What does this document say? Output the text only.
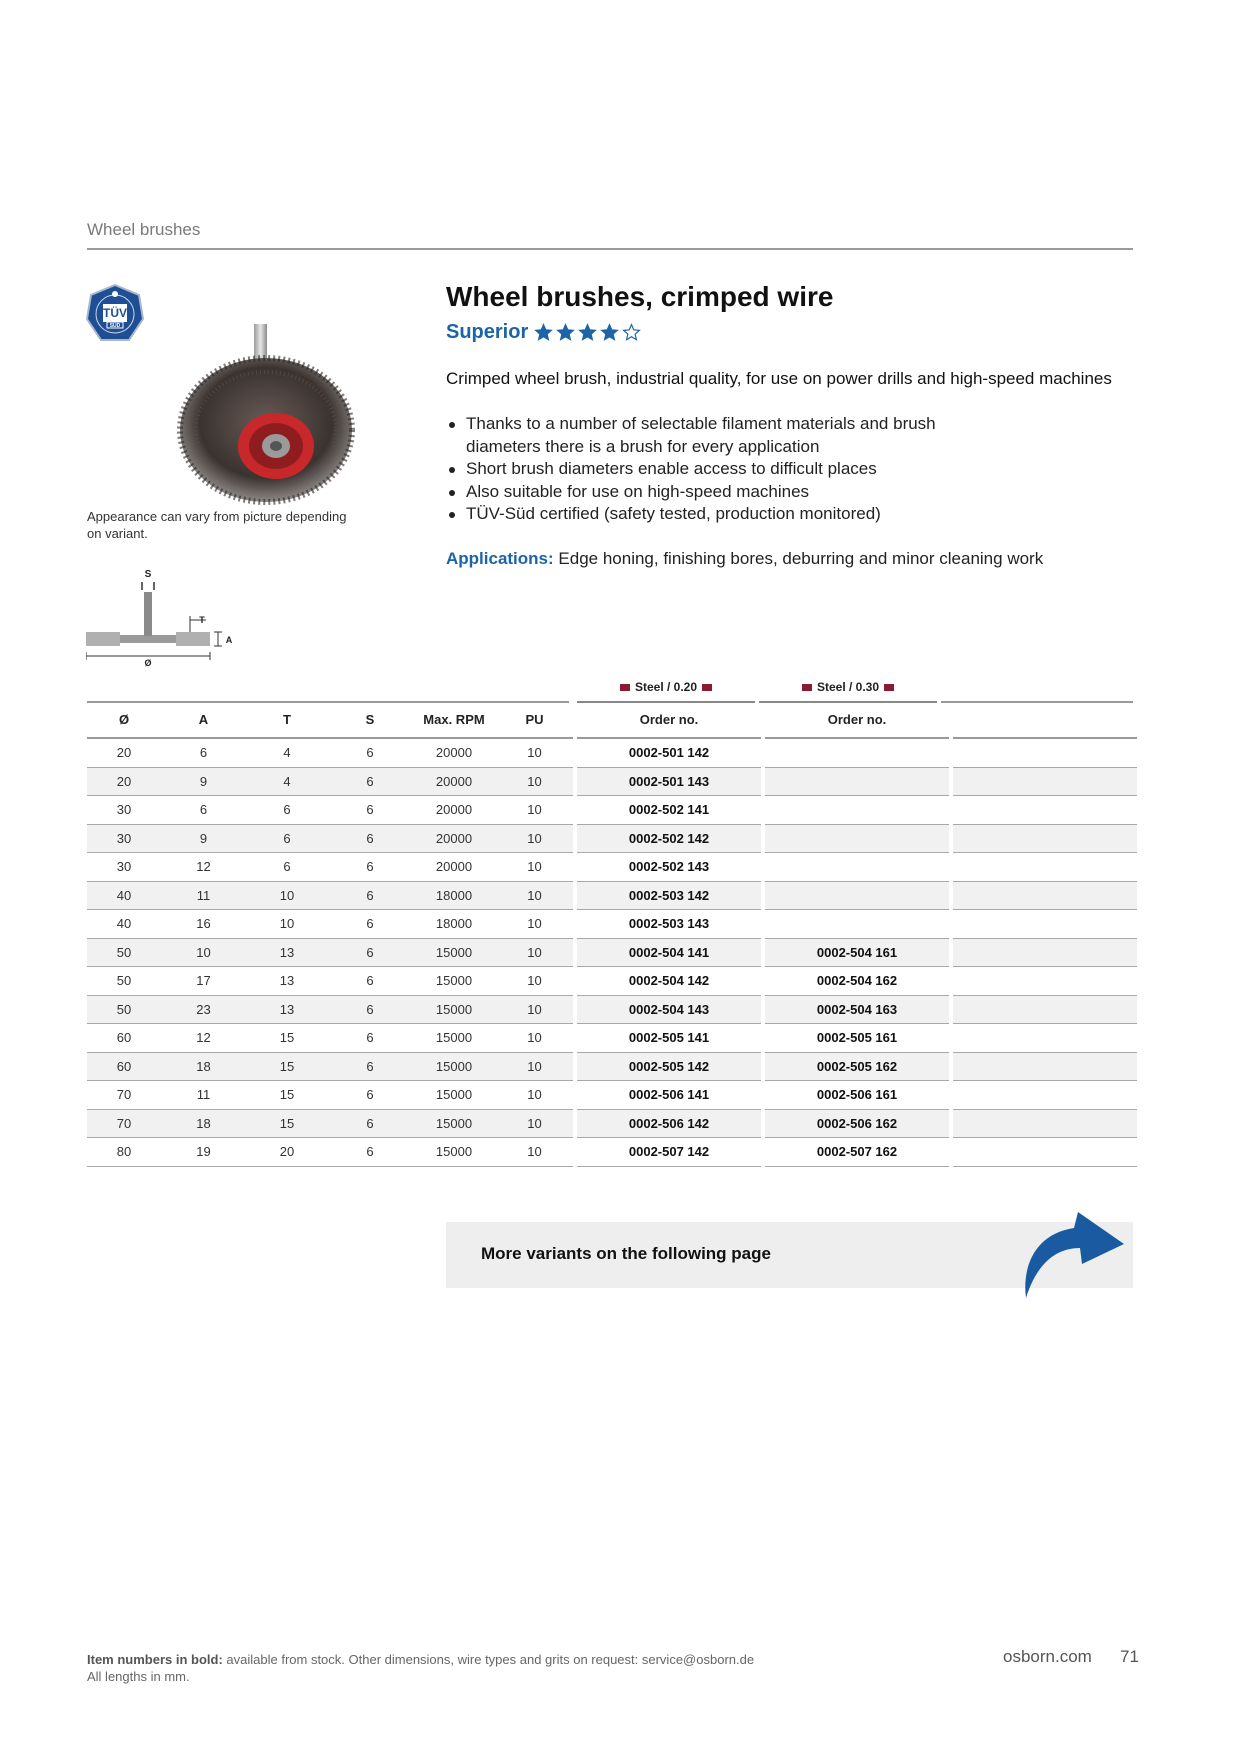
Wheel brushes
TÜV
SÜD
Appearance can vary from picture depending on variant.
S
T
A
Ø
Wheel brushes, crimped wire
Superior
Crimped wheel brush, industrial quality, for use on power drills and high-speed machines
Thanks to a number of selectable filament materials and brush diameters there is a brush for every application
Short brush diameters enable access to difficult places
Also suitable for use on high-speed machines
TÜV-Süd certified (safety tested, production monitored)
Applications: Edge honing, finishing bores, deburring and minor cleaning work
Steel / 0.20	Steel / 0.30
Ø	A	T	S	Max. RPM	PU		Order no.		Order no.		
20	6	4	6	20000	10		0002-501 142				
20	9	4	6	20000	10		0002-501 143				
30	6	6	6	20000	10		0002-502 141				
30	9	6	6	20000	10		0002-502 142				
30	12	6	6	20000	10		0002-502 143				
40	11	10	6	18000	10		0002-503 142				
40	16	10	6	18000	10		0002-503 143				
50	10	13	6	15000	10		0002-504 141		0002-504 161		
50	17	13	6	15000	10		0002-504 142		0002-504 162		
50	23	13	6	15000	10		0002-504 143		0002-504 163		
60	12	15	6	15000	10		0002-505 141		0002-505 161		
60	18	15	6	15000	10		0002-505 142		0002-505 162		
70	11	15	6	15000	10		0002-506 141		0002-506 161		
70	18	15	6	15000	10		0002-506 142		0002-506 162		
80	19	20	6	15000	10		0002-507 142		0002-507 162		
More variants on the following page
Item numbers in bold: available from stock. Other dimensions, wire types and grits on request: service@osborn.de
All lengths in mm.
osborn.com 71
